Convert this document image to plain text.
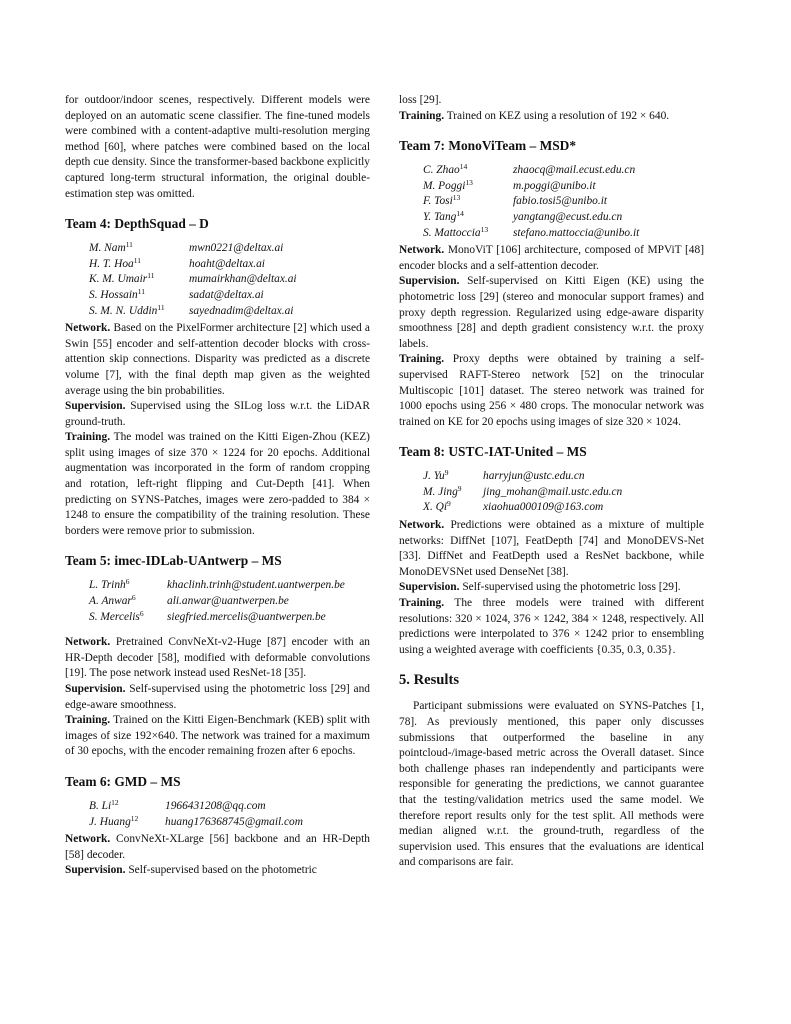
for outdoor/indoor scenes, respectively. Different models were deployed on an automatic scene classifier. The fine-tuned models were combined with a content-adaptive multi-resolution merging method [60], where patches were combined based on the local depth cue density. Since the transformer-based backbone explicitly captured long-term structural information, the original double-estimation step was omitted.

Team 4: DepthSquad – D
M. Nam$^{11}$	mwn0221@deltax.ai
H. T. Hoa$^{11}$	hoaht@deltax.ai
K. M. Umair$^{11}$	mumairkhan@deltax.ai
S. Hossain$^{11}$	sadat@deltax.ai
S. M. N. Uddin$^{11}$	sayednadim@deltax.ai

Network. Based on the PixelFormer architecture [2] which used a Swin [55] encoder and self-attention decoder blocks with cross-attention skip connections. Disparity was predicted as a discrete volume [7], with the final depth map given as the weighted average using the bin probabilities.

Supervision. Supervised using the SILog loss w.r.t. the LiDAR ground-truth.

Training. The model was trained on the Kitti Eigen-Zhou (KEZ) split using images of size 370 × 1224 for 20 epochs. Additional augmentation was incorporated in the form of random cropping and rotation, left-right flipping and Cut-Depth [41]. When predicting on SYNS-Patches, images were zero-padded to 384 × 1248 to ensure the compatibility of the training resolution. These borders were remove prior to submission.

Team 5: imec-IDLab-UAntwerp – MS
L. Trinh$^6$	khaclinh.trinh@student.uantwerpen.be
A. Anwar$^6$	ali.anwar@uantwerpen.be
S. Mercelis$^6$	siegfried.mercelis@uantwerpen.be

Network. Pretrained ConvNeXt-v2-Huge [87] encoder with an HR-Depth decoder [58], modified with deformable convolutions [19]. The pose network instead used ResNet-18 [35].

Supervision. Self-supervised using the photometric loss [29] and edge-aware smoothness.

Training. Trained on the Kitti Eigen-Benchmark (KEB) split with images of size 192×640. The network was trained for a maximum of 30 epochs, with the encoder remaining frozen after 6 epochs.

Team 6: GMD – MS
B. Li$^{12}$	1966431208@qq.com
J. Huang$^{12}$	huang176368745@gmail.com

Network. ConvNeXt-XLarge [56] backbone and an HR-Depth [58] decoder.

Supervision. Self-supervised based on the photometric

loss [29].

Training. Trained on KEZ using a resolution of 192 × 640.

Team 7: MonoViTeam – MSD*
C. Zhao$^{14}$	zhaocq@mail.ecust.edu.cn
M. Poggi$^{13}$	m.poggi@unibo.it
F. Tosi$^{13}$	fabio.tosi5@unibo.it
Y. Tang$^{14}$	yangtang@ecust.edu.cn
S. Mattoccia$^{13}$	stefano.mattoccia@unibo.it

Network. MonoViT [106] architecture, composed of MPViT [48] encoder blocks and a self-attention decoder.

Supervision. Self-supervised on Kitti Eigen (KE) using the photometric loss [29] (stereo and monocular support frames) and proxy depth regression. Regularized using edge-aware disparity smoothness [28] and depth gradient consistency w.r.t. the proxy labels.

Training. Proxy depths were obtained by training a self-supervised RAFT-Stereo network [52] on the trinocular Multiscopic [101] dataset. The stereo network was trained for 1000 epochs using 256 × 480 crops. The monocular network was trained on KE for 20 epochs using images of size 320 × 1024.

Team 8: USTC-IAT-United – MS
J. Yu$^9$	harryjun@ustc.edu.cn
M. Jing$^9$	jing_mohan@mail.ustc.edu.cn
X. Qi$^9$	xiaohua000109@163.com

Network. Predictions were obtained as a mixture of multiple networks: DiffNet [107], FeatDepth [74] and MonoDEVS-Net [33]. DiffNet and FeatDepth used a ResNet backbone, while MonoDEVSNet used DenseNet [38].

Supervision. Self-supervised using the photometric loss [29].

Training. The three models were trained with different resolutions: 320 × 1024, 376 × 1242, 384 × 1248, respectively. All predictions were interpolated to 376 × 1242 prior to ensembling using a weighted average with coefficients {0.35, 0.3, 0.35}.

5. Results

Participant submissions were evaluated on SYNS-Patches [1, 78]. As previously mentioned, this paper only discusses submissions that outperformed the baseline in any pointcloud-/image-based metric across the Overall dataset. Since both challenge phases ran independently and participants were responsible for generating the predictions, we cannot guarantee that the testing/validation metrics used the same model. We therefore report results only for the test split. All methods were median aligned w.r.t. the ground-truth, regardless of the supervision used. This ensures that the evaluations are identical and comparisons are fair.
